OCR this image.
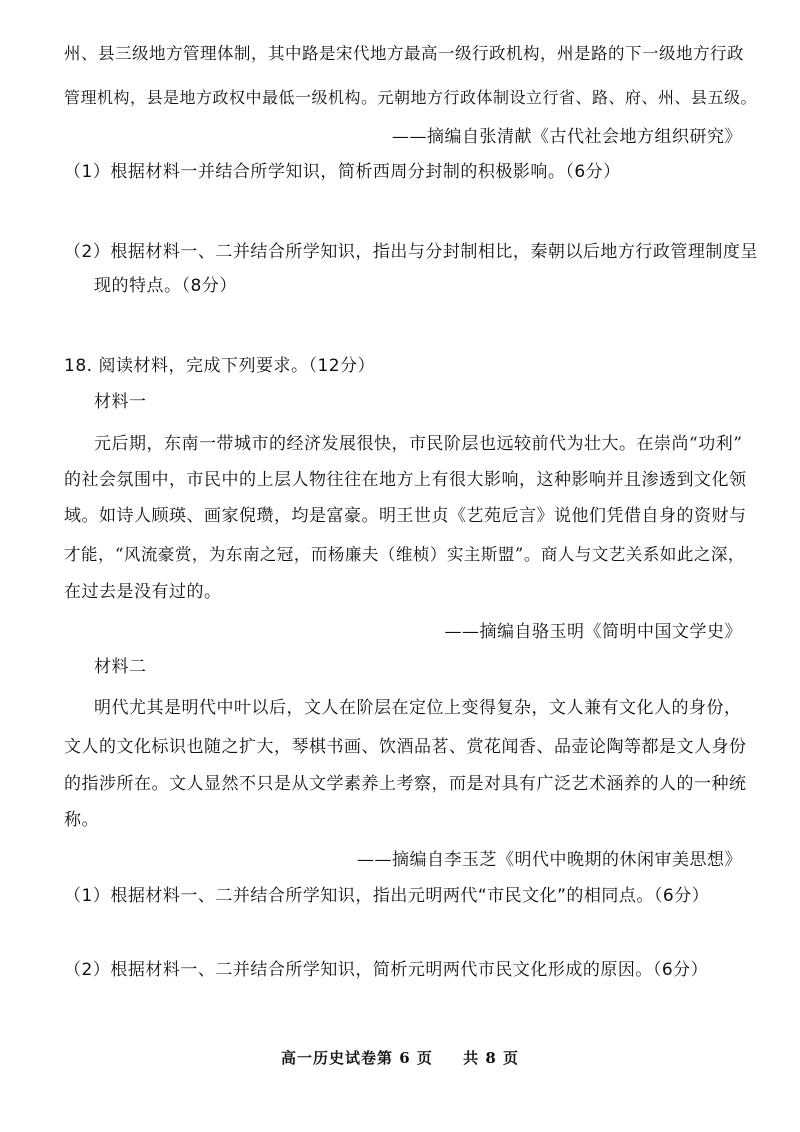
州、县三级地方管理体制，其中路是宋代地方最高一级行政机构，州是路的下一级地方行政
管理机构，县是地方政权中最低一级机构。元朝地方行政体制设立行省、路、府、州、县五级。
——摘编自张清献《古代社会地方组织研究》
（1）根据材料一并结合所学知识，简析西周分封制的积极影响。（6分）
（2）根据材料一、二并结合所学知识，指出与分封制相比，秦朝以后地方行政管理制度呈
现的特点。（8分）
18. 阅读材料，完成下列要求。（12分）
材料一
元后期，东南一带城市的经济发展很快，市民阶层也远较前代为壮大。在崇尚“功利”
的社会氛围中，市民中的上层人物往往在地方上有很大影响，这种影响并且渗透到文化领
域。如诗人顾瑛、画家倪瓒，均是富豪。明王世贞《艺苑卮言》说他们凭借自身的资财与
才能，“风流豪赏，为东南之冠，而杨廉夫（维桢）实主斯盟”。商人与文艺关系如此之深，
在过去是没有过的。
——摘编自骆玉明《简明中国文学史》
材料二
明代尤其是明代中叶以后，文人在阶层在定位上变得复杂，文人兼有文化人的身份，
文人的文化标识也随之扩大，琴棋书画、饮酒品茗、赏花闻香、品壶论陶等都是文人身份
的指涉所在。文人显然不只是从文学素养上考察，而是对具有广泛艺术涵养的人的一种统
称。
——摘编自李玉芝《明代中晚期的休闲审美思想》
（1）根据材料一、二并结合所学知识，指出元明两代“市民文化”的相同点。（6分）
（2）根据材料一、二并结合所学知识，简析元明两代市民文化形成的原因。（6分）
高一历史试卷第 6 页 共 8 页
